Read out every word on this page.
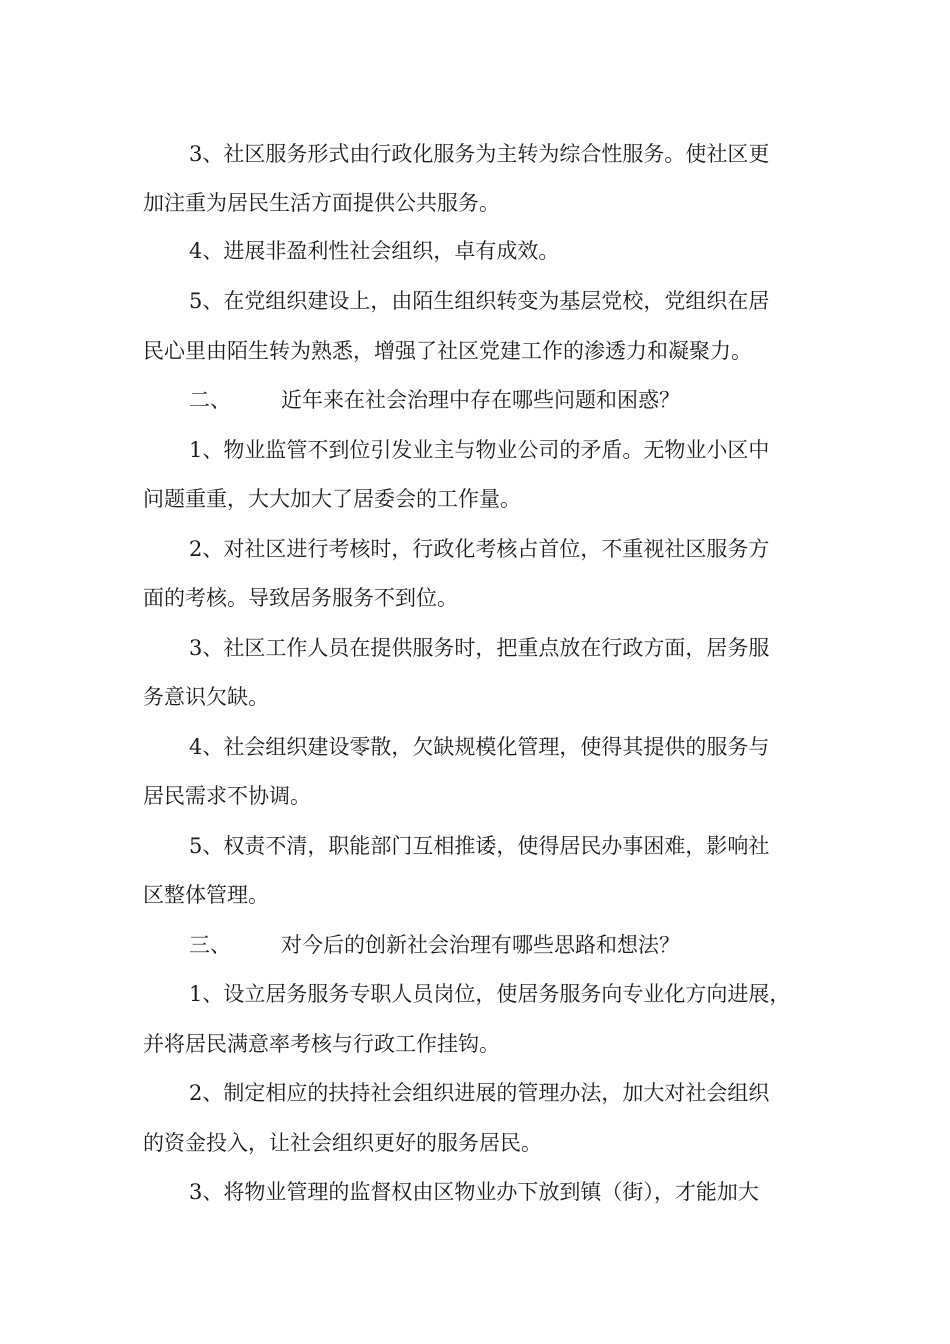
3、社区服务形式由行政化服务为主转为综合性服务。使社区更
加注重为居民生活方面提供公共服务。
4、进展非盈利性社会组织，卓有成效。
5、在党组织建设上，由陌生组织转变为基层党校，党组织在居
民心里由陌生转为熟悉，增强了社区党建工作的渗透力和凝聚力。
二、 近年来在社会治理中存在哪些问题和困惑？
1、物业监管不到位引发业主与物业公司的矛盾。无物业小区中
问题重重，大大加大了居委会的工作量。
2、对社区进行考核时，行政化考核占首位，不重视社区服务方
面的考核。导致居务服务不到位。
3、社区工作人员在提供服务时，把重点放在行政方面，居务服
务意识欠缺。
4、社会组织建设零散，欠缺规模化管理，使得其提供的服务与
居民需求不协调。
5、权责不清，职能部门互相推诿，使得居民办事困难，影响社
区整体管理。
三、 对今后的创新社会治理有哪些思路和想法？
1、设立居务服务专职人员岗位，使居务服务向专业化方向进展，
并将居民满意率考核与行政工作挂钩。
2、制定相应的扶持社会组织进展的管理办法，加大对社会组织
的资金投入，让社会组织更好的服务居民。
3、将物业管理的监督权由区物业办下放到镇（街），才能加大
